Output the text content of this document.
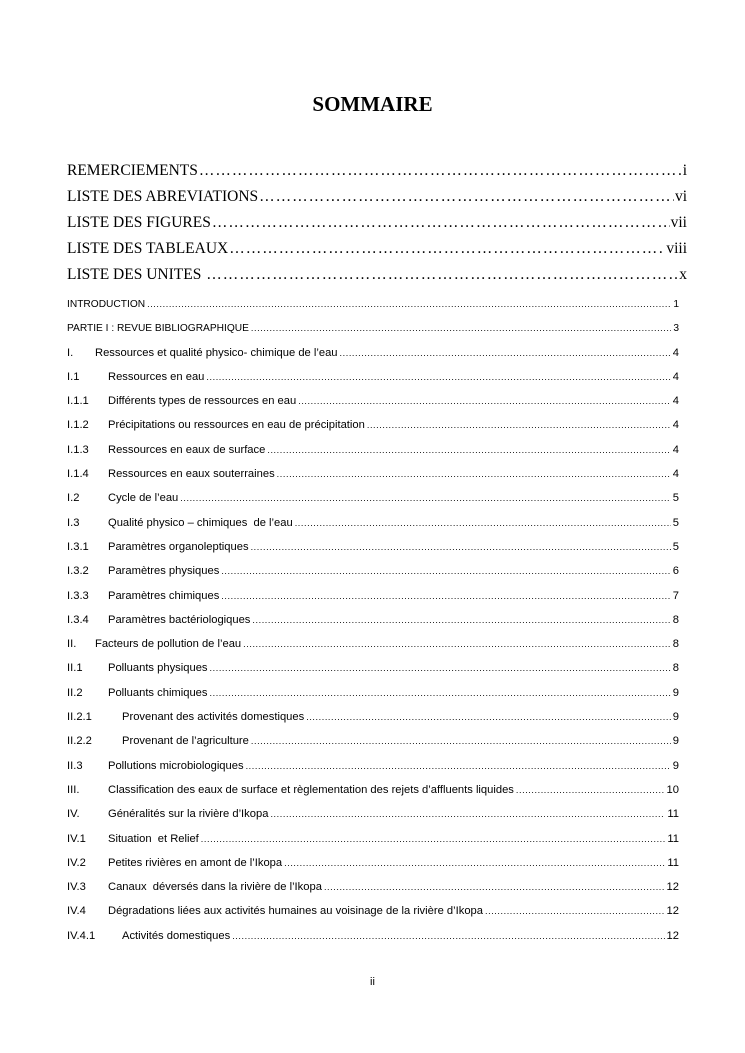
SOMMAIRE
REMERCIEMENTS …………………………………………………………………………………………………………………………	i
LISTE DES ABREVIATIONS …………………………………………………………………………………………………………………………	vi
LISTE DES FIGURES …………………………………………………………………………………………………………………………	vii
LISTE DES TABLEAUX …………………………………………………………………………………………………………………………	viii
LISTE DES UNITES …………………………………………………………………………………………………………………………	x
INTRODUCTION .....	1
PARTIE I : REVUE BIBLIOGRAPHIQUE .....	3
I.	Ressources et qualité physico- chimique de l’eau .....	4
I.1	Ressources en eau .....	4
I.1.1	Différents types de ressources en eau .....	4
I.1.2	Précipitations ou ressources en eau de précipitation .....	4
I.1.3	Ressources en eaux de surface .....	4
I.1.4	Ressources en eaux souterraines .....	4
I.2	Cycle de l’eau .....	5
I.3	Qualité physico – chimiques  de l’eau .....	5
I.3.1	Paramètres organoleptiques .....	5
I.3.2	Paramètres physiques .....	6
I.3.3	Paramètres chimiques .....	7
I.3.4	Paramètres bactériologiques .....	8
II.	Facteurs de pollution de l’eau .....	8
II.1	Polluants physiques .....	8
II.2	Polluants chimiques .....	9
II.2.1	Provenant des activités domestiques .....	9
II.2.2	Provenant de l’agriculture .....	9
II.3	Pollutions microbiologiques .....	9
III.	Classification des eaux de surface et règlementation des rejets d’affluents liquides .....	10
IV.	Généralités sur la rivière d’Ikopa .....	11
IV.1	Situation  et Relief .....	11
IV.2	Petites rivières en amont de l’Ikopa .....	11
IV.3	Canaux  déversés dans la rivière de l’Ikopa .....	12
IV.4	Dégradations liées aux activités humaines au voisinage de la rivière d’Ikopa .....	12
IV.4.1	Activités domestiques .....	12
ii
